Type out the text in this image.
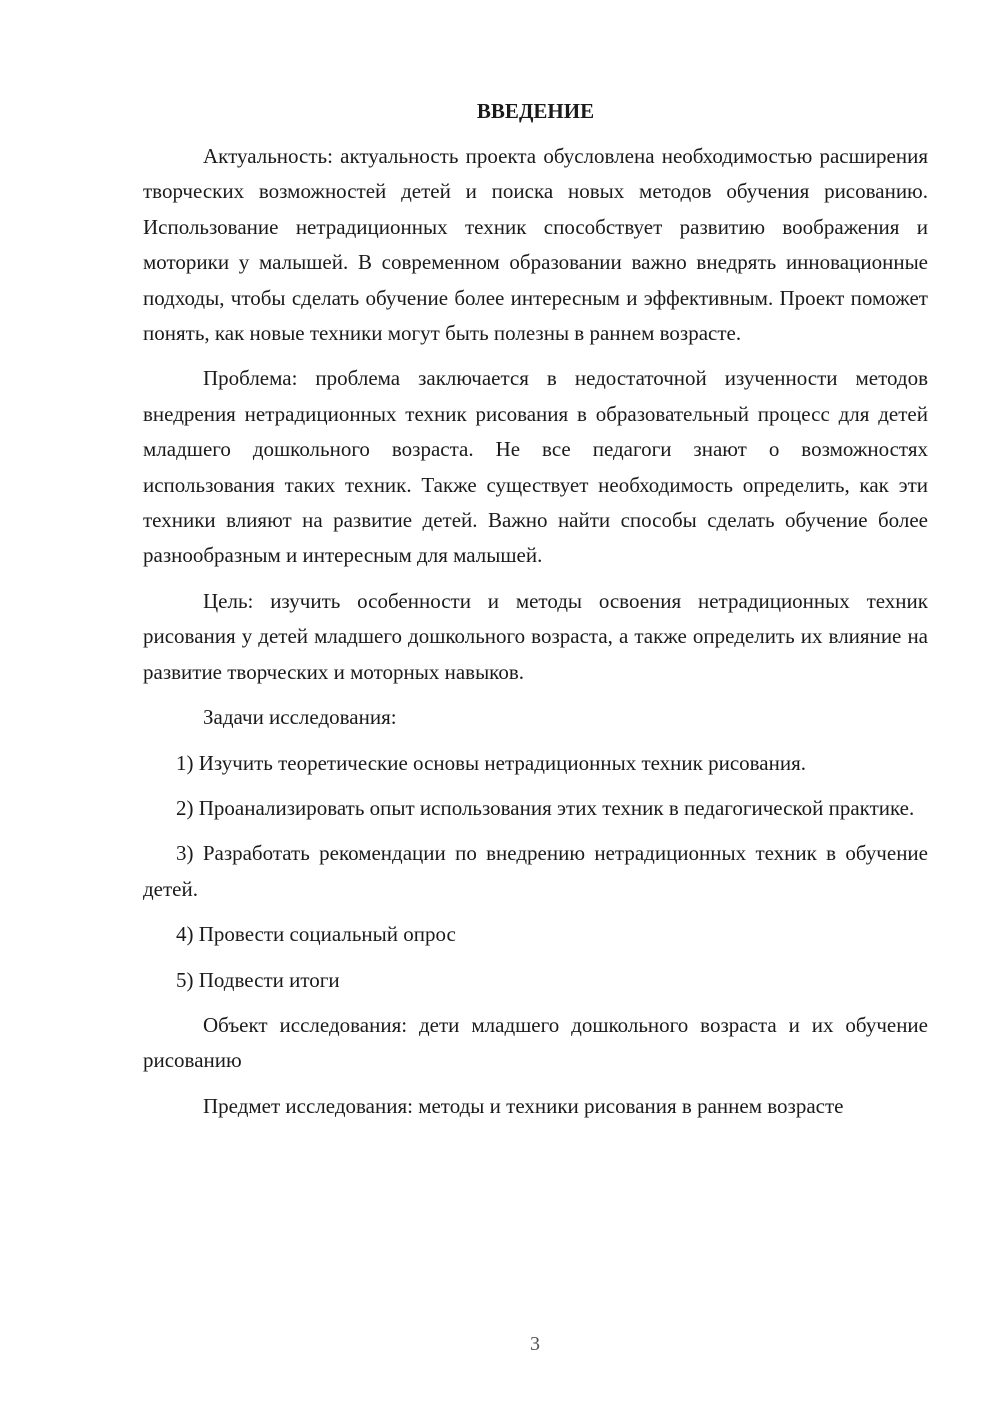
ВВЕДЕНИЕ

Актуальность: актуальность проекта обусловлена необходимостью расширения творческих возможностей детей и поиска новых методов обучения рисованию. Использование нетрадиционных техник способствует развитию воображения и моторики у малышей. В современном образовании важно внедрять инновационные подходы, чтобы сделать обучение более интересным и эффективным. Проект поможет понять, как новые техники могут быть полезны в раннем возрасте.

Проблема: проблема заключается в недостаточной изученности методов внедрения нетрадиционных техник рисования в образовательный процесс для детей младшего дошкольного возраста. Не все педагоги знают о возможностях использования таких техник. Также существует необходимость определить, как эти техники влияют на развитие детей. Важно найти способы сделать обучение более разнообразным и интересным для малышей.

Цель: изучить особенности и методы освоения нетрадиционных техник рисования у детей младшего дошкольного возраста, а также определить их влияние на развитие творческих и моторных навыков.

Задачи исследования:

1) Изучить теоретические основы нетрадиционных техник рисования.

2) Проанализировать опыт использования этих техник в педагогической практике.

3) Разработать рекомендации по внедрению нетрадиционных техник в обучение детей.

4) Провести социальный опрос

5) Подвести итоги

Объект исследования: дети младшего дошкольного возраста и их обучение рисованию

Предмет исследования: методы и техники рисования в раннем возрасте

3
